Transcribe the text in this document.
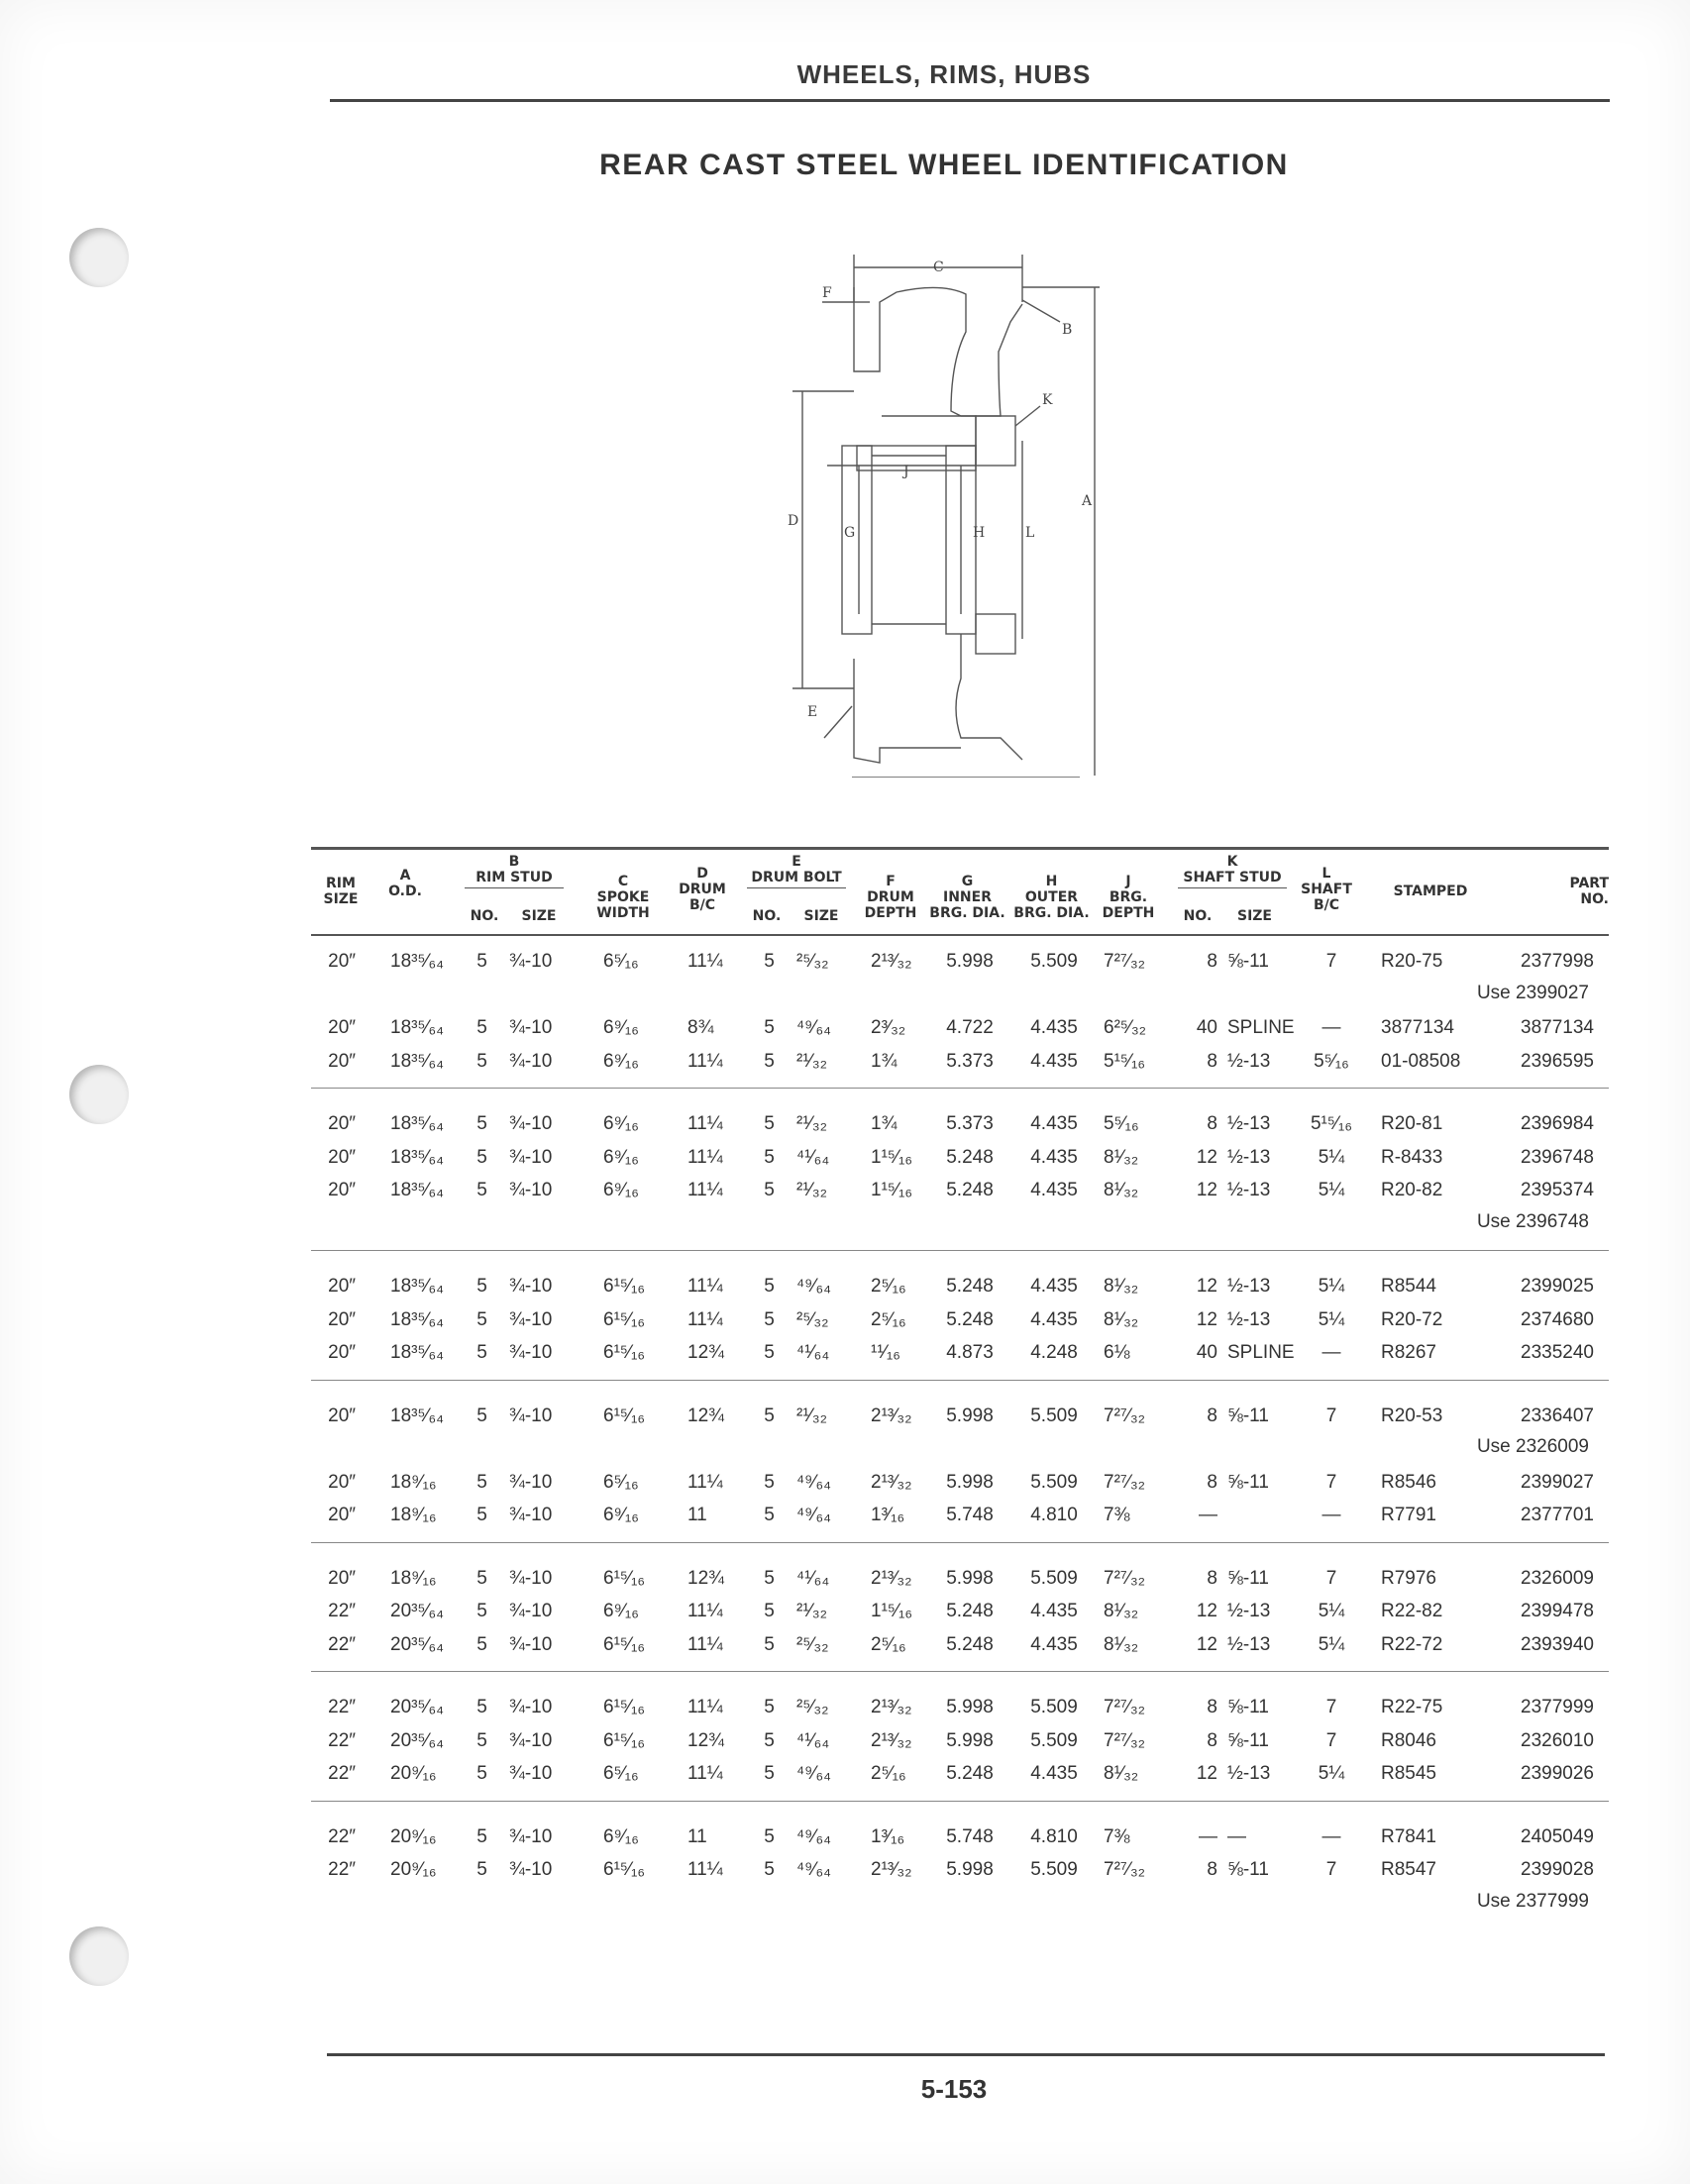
WHEELS, RIMS, HUBS
REAR CAST STEEL WHEEL IDENTIFICATION
C
B
F
K
J
D
G	H	L
A
E
RIM SIZE
A
O.D.
B
RIM STUD
NO.	SIZE
C
SPOKE
WIDTH
D
DRUM
B/C
E
DRUM BOLT
NO.	SIZE
F
DRUM
DEPTH
G
INNER
BRG. DIA.
H
OUTER
BRG. DIA.
J
BRG.
DEPTH
K
SHAFT STUD
NO.	SIZE
L
SHAFT
B/C
STAMPED	PART
NO.
20″ 18³⁵⁄₆₄	5	¾-10	6⁵⁄₁₆	11¼	5	²⁵⁄₃₂	2¹³⁄₃₂	5.998	5.509	7²⁷⁄₃₂	8 ⅝-11	7	R20-75	2377998
Use 2399027
20″ 18³⁵⁄₆₄	5	¾-10	6⁹⁄₁₆	8¾	5	⁴⁹⁄₆₄	2³⁄₃₂	4.722	4.435	6²⁵⁄₃₂	40 SPLINE	—	3877134	3877134
20″ 18³⁵⁄₆₄	5	¾-10	6⁹⁄₁₆	11¼	5	²¹⁄₃₂	1¾	5.373	4.435	5¹⁵⁄₁₆	8 ½-13	5⁵⁄₁₆	01-08508	2396595
20″ 18³⁵⁄₆₄	5	¾-10	6⁹⁄₁₆	11¼	5	²¹⁄₃₂	1¾	5.373	4.435	5⁵⁄₁₆	8 ½-13	5¹⁵⁄₁₆ R20-81	2396984
20″ 18³⁵⁄₆₄	5	¾-10	6⁹⁄₁₆	11¼	5	⁴¹⁄₆₄	1¹⁵⁄₁₆	5.248	4.435	8¹⁄₃₂	12 ½-13	5¼	R-8433	2396748
20″ 18³⁵⁄₆₄	5	¾-10	6⁹⁄₁₆	11¼	5	²¹⁄₃₂	1¹⁵⁄₁₆	5.248	4.435	8¹⁄₃₂	12 ½-13	5¼	R20-82	2395374
Use 2396748
20″ 18³⁵⁄₆₄	5	¾-10	6¹⁵⁄₁₆	11¼	5	⁴⁹⁄₆₄	2⁵⁄₁₆	5.248	4.435	8¹⁄₃₂	12 ½-13	5¼	R8544	2399025
20″ 18³⁵⁄₆₄	5	¾-10	6¹⁵⁄₁₆	11¼	5	²⁵⁄₃₂	2⁵⁄₁₆	5.248	4.435	8¹⁄₃₂	12 ½-13	5¼	R20-72	2374680
20″ 18³⁵⁄₆₄	5	¾-10	6¹⁵⁄₁₆	12¾	5	⁴¹⁄₆₄	¹¹⁄₁₆	4.873	4.248	6⅛	40 SPLINE	—	R8267	2335240
20″ 18³⁵⁄₆₄	5	¾-10	6¹⁵⁄₁₆	12¾	5	²¹⁄₃₂	2¹³⁄₃₂	5.998	5.509	7²⁷⁄₃₂	8 ⅝-11	7	R20-53	2336407
Use 2326009
20″ 18⁹⁄₁₆	5	¾-10	6⁵⁄₁₆	11¼	5	⁴⁹⁄₆₄	2¹³⁄₃₂	5.998	5.509	7²⁷⁄₃₂	8 ⅝-11	7	R8546	2399027
20″ 18⁹⁄₁₆	5	¾-10	6⁹⁄₁₆	11	5	⁴⁹⁄₆₄	1³⁄₁₆	5.748	4.810	7⅜	—	—	R7791	2377701
20″ 18⁹⁄₁₆	5	¾-10	6¹⁵⁄₁₆	12¾	5	⁴¹⁄₆₄	2¹³⁄₃₂	5.998	5.509	7²⁷⁄₃₂	8 ⅝-11	7	R7976	2326009
22″ 20³⁵⁄₆₄	5	¾-10	6⁹⁄₁₆	11¼	5	²¹⁄₃₂	1¹⁵⁄₁₆	5.248	4.435	8¹⁄₃₂	12 ½-13	5¼	R22-82	2399478
22″ 20³⁵⁄₆₄	5	¾-10	6¹⁵⁄₁₆	11¼	5	²⁵⁄₃₂	2⁵⁄₁₆	5.248	4.435	8¹⁄₃₂	12 ½-13	5¼	R22-72	2393940
22″ 20³⁵⁄₆₄	5	¾-10	6¹⁵⁄₁₆	11¼	5	²⁵⁄₃₂	2¹³⁄₃₂	5.998	5.509	7²⁷⁄₃₂	8 ⅝-11	7	R22-75	2377999
22″ 20³⁵⁄₆₄	5	¾-10	6¹⁵⁄₁₆	12¾	5	⁴¹⁄₆₄	2¹³⁄₃₂	5.998	5.509	7²⁷⁄₃₂	8 ⅝-11	7	R8046	2326010
22″ 20⁹⁄₁₆	5	¾-10	6⁵⁄₁₆	11¼	5	⁴⁹⁄₆₄	2⁵⁄₁₆	5.248	4.435	8¹⁄₃₂	12 ½-13	5¼	R8545	2399026
22″ 20⁹⁄₁₆	5	¾-10	6⁹⁄₁₆	11	5	⁴⁹⁄₆₄	1³⁄₁₆	5.748	4.810	7⅜	— —	—	R7841	2405049
22″ 20⁹⁄₁₆	5	¾-10	6¹⁵⁄₁₆	11¼	5	⁴⁹⁄₆₄	2¹³⁄₃₂	5.998	5.509	7²⁷⁄₃₂	8 ⅝-11	7	R8547	2399028
Use 2377999
5-153
